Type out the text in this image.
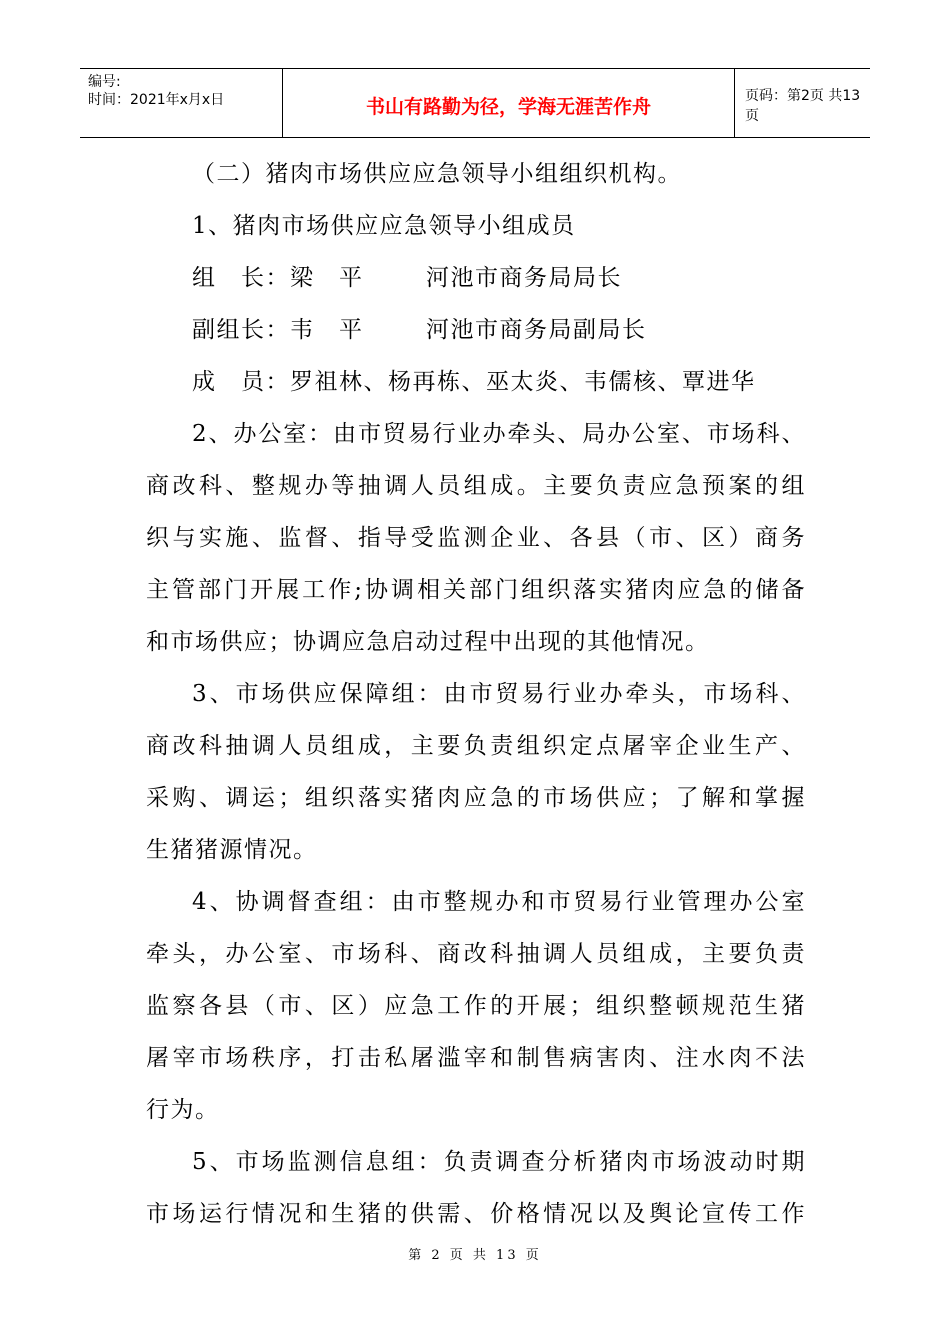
编号:
时间：2021年x月x日	书山有路勤为径，学海无涯苦作舟	页码：第2页 共13页
（二）猪肉市场供应应急领导小组组织机构。
1、猪肉市场供应应急领导小组成员
组　长：梁　平	河池市商务局局长
副组长：韦　平	河池市商务局副局长
成　员：罗祖林、杨再栋、巫太炎、韦儒核、覃进华
2、办公室：由市贸易行业办牵头、局办公室、市场科、
商改科、整规办等抽调人员组成。主要负责应急预案的组
织与实施、监督、指导受监测企业、各县（市、区）商务
主管部门开展工作;协调相关部门组织落实猪肉应急的储备
和市场供应；协调应急启动过程中出现的其他情况。
3、市场供应保障组：由市贸易行业办牵头，市场科、
商改科抽调人员组成，主要负责组织定点屠宰企业生产、
采购、调运；组织落实猪肉应急的市场供应；了解和掌握
生猪猪源情况。
4、协调督查组：由市整规办和市贸易行业管理办公室
牵头，办公室、市场科、商改科抽调人员组成，主要负责
监察各县（市、区）应急工作的开展；组织整顿规范生猪
屠宰市场秩序，打击私屠滥宰和制售病害肉、注水肉不法
行为。
5、市场监测信息组：负责调查分析猪肉市场波动时期
市场运行情况和生猪的供需、价格情况以及舆论宣传工作
第 2 页 共 13 页
